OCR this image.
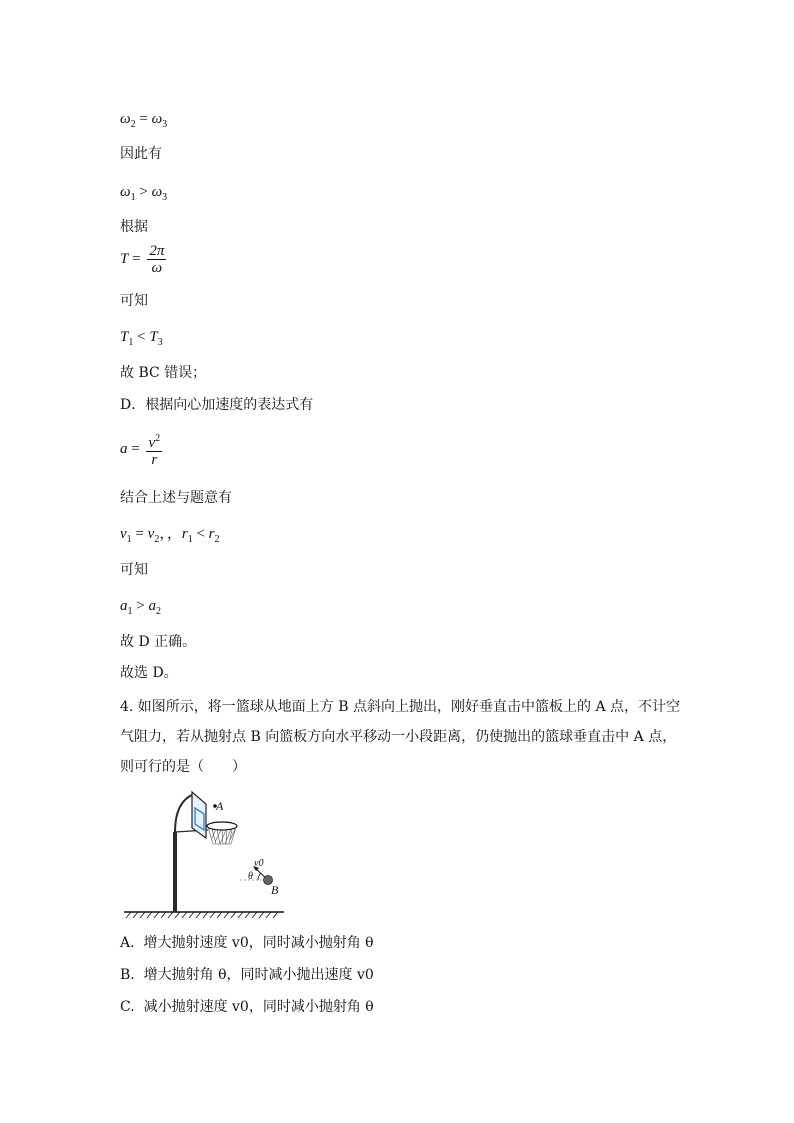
$\omega_2 = \omega_3$
因此有
$\omega_1 > \omega_3$
根据
$T = \frac{2\pi}{\omega}$
可知
$T_1 < T_3$
故 BC 错误；
D．根据向心加速度的表达式有
$a = \frac{v^2}{r}$
结合上述与题意有
$v_1 = v_2$，，$r_1 < r_2$
可知
$a_1 > a_2$
故 D 正确。
故选 D。
4. 如图所示，将一篮球从地面上方 B 点斜向上抛出，刚好垂直击中篮板上的 A 点，不计空气阻力，若从抛射点 B 向篮板方向水平移动一小段距离，仍使抛出的篮球垂直击中 A 点，则可行的是（　　）
A
v0
θ
B
A. 增大抛射速度 v0，同时减小抛射角 θ
B. 增大抛射角 θ，同时减小抛出速度 v0
C. 减小抛射速度 v0，同时减小抛射角 θ
